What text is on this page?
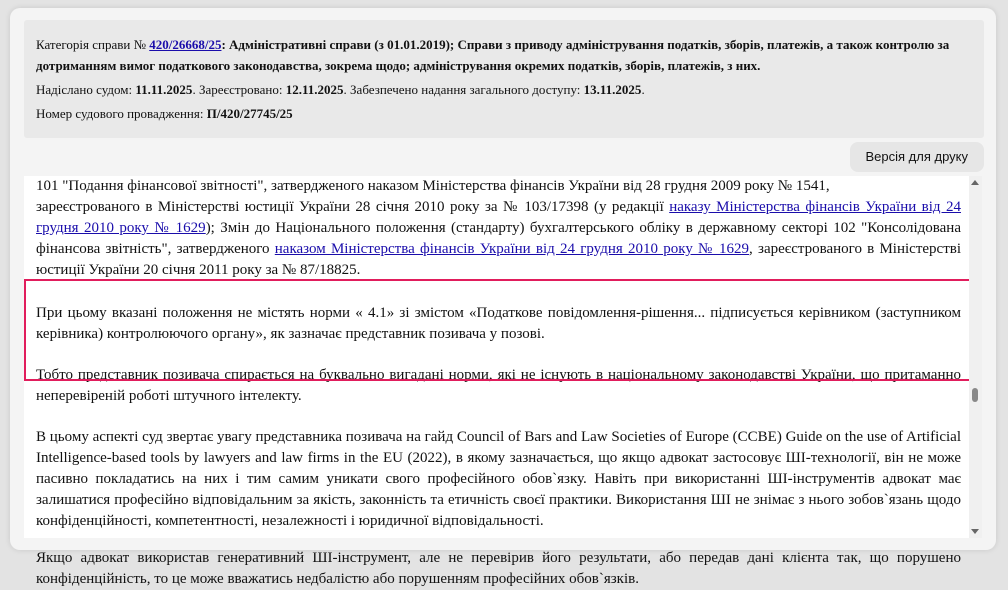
Категорія справи № 420/26668/25: Адміністративні справи (з 01.01.2019); Справи з приводу адміністрування податків, зборів, платежів, а також контролю за дотриманням вимог податкового законодавства, зокрема щодо; адміністрування окремих податків, зборів, платежів, з них.

Надіслано судом: 11.11.2025. Зареєстровано: 12.11.2025. Забезпечено надання загального доступу: 13.11.2025.

Номер судового провадження: П/420/27745/25

Версія для друку

101 "Подання фінансової звітності", затвердженого наказом Міністерства фінансів України від 28 грудня 2009 року № 1541,

зареєстрованого в Міністерстві юстиції України 28 січня 2010 року за № 103/17398 (у редакції наказу Міністерства фінансів України від 24 грудня 2010 року № 1629); Змін до Національного положення (стандарту) бухгалтерського обліку в державному секторі 102 "Консолідована фінансова звітність", затвердженого наказом Міністерства фінансів України від 24 грудня 2010 року № 1629, зареєстрованого в Міністерстві юстиції України 20 січня 2011 року за № 87/18825.

При цьому вказані положення не містять норми « 4.1» зі змістом «Податкове повідомлення-рішення... підписується керівником (заступником керівника) контролюючого органу», як зазначає представник позивача у позові.

Тобто представник позивача спирається на буквально вигадані норми, які не існують в національному законодавстві України, що притаманно неперевіреній роботі штучного інтелекту.

В цьому аспекті суд звертає увагу представника позивача на гайд Council of Bars and Law Societies of Europe (CCBE) Guide on the use of Artificial Intelligence-based tools by lawyers and law firms in the EU (2022), в якому зазначається, що якщо адвокат застосовує ШІ-технології, він не може пасивно покладатись на них і тим самим уникати свого професійного обов`язку. Навіть при використанні ШІ-інструментів адвокат має залишатися професійно відповідальним за якість, законність та етичність своєї практики. Використання ШІ не знімає з нього зобов`язань щодо конфіденційності, компетентності, незалежності і юридичної відповідальності.

Якщо адвокат використав генеративний ШІ-інструмент, але не перевірив його результати, або передав дані клієнта так, що порушено конфіденційність, то це може вважатись недбалістю або порушенням професійних обов`язків.
